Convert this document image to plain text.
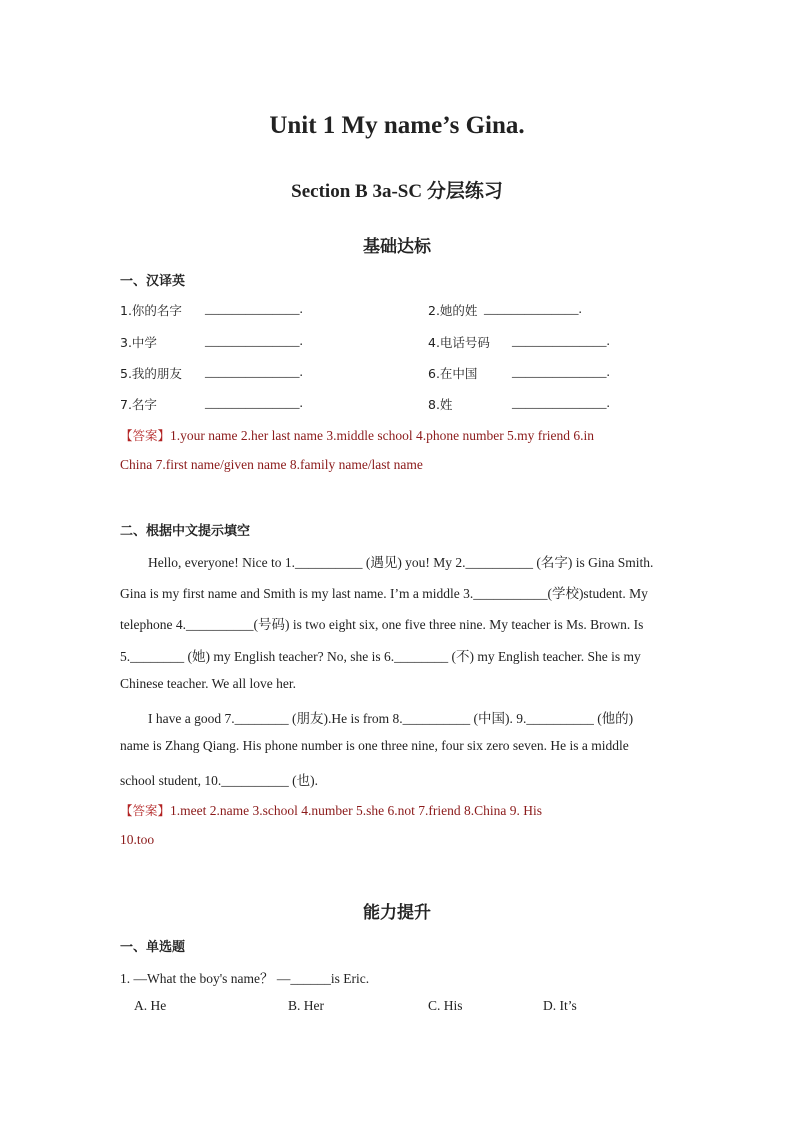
Unit 1 My name’s Gina.
Section B 3a-SC 分层练习
基础达标
一、汉译英
1.你的名字 ______________.	2.她的姓 ______________.
3.中学	______________.	4.电话号码 ______________.
5.我的朋友 ______________.	6.在中国	______________.
7.名字	______________.	8.姓	______________.
【答案】1.your name 2.her last name 3.middle school 4.phone number 5.my friend 6.in
China 7.first name/given name 8.family name/last name
二、根据中文提示填空
Hello, everyone! Nice to 1.__________ (遇见) you! My 2.__________ (名字) is Gina Smith.
Gina is my first name and Smith is my last name. I’m a middle 3.___________(学校)student. My
telephone 4.__________(号码) is two eight six, one five three nine. My teacher is Ms. Brown. Is
5.________ (她) my English teacher? No, she is 6.________ (不) my English teacher. She is my
Chinese teacher. We all love her.
I have a good 7.________ (朋友).He is from 8.__________ (中国). 9.__________ (他的)
name is Zhang Qiang. His phone number is one three nine, four six zero seven. He is a middle
school student, 10.__________ (也).
【答案】1.meet 2.name 3.school 4.number 5.she 6.not 7.friend 8.China 9. His
10.too
能力提升
一、单选题
1. —What the boy's name？ —______is Eric.
A. He	B. Her	C. His	D. It’s
